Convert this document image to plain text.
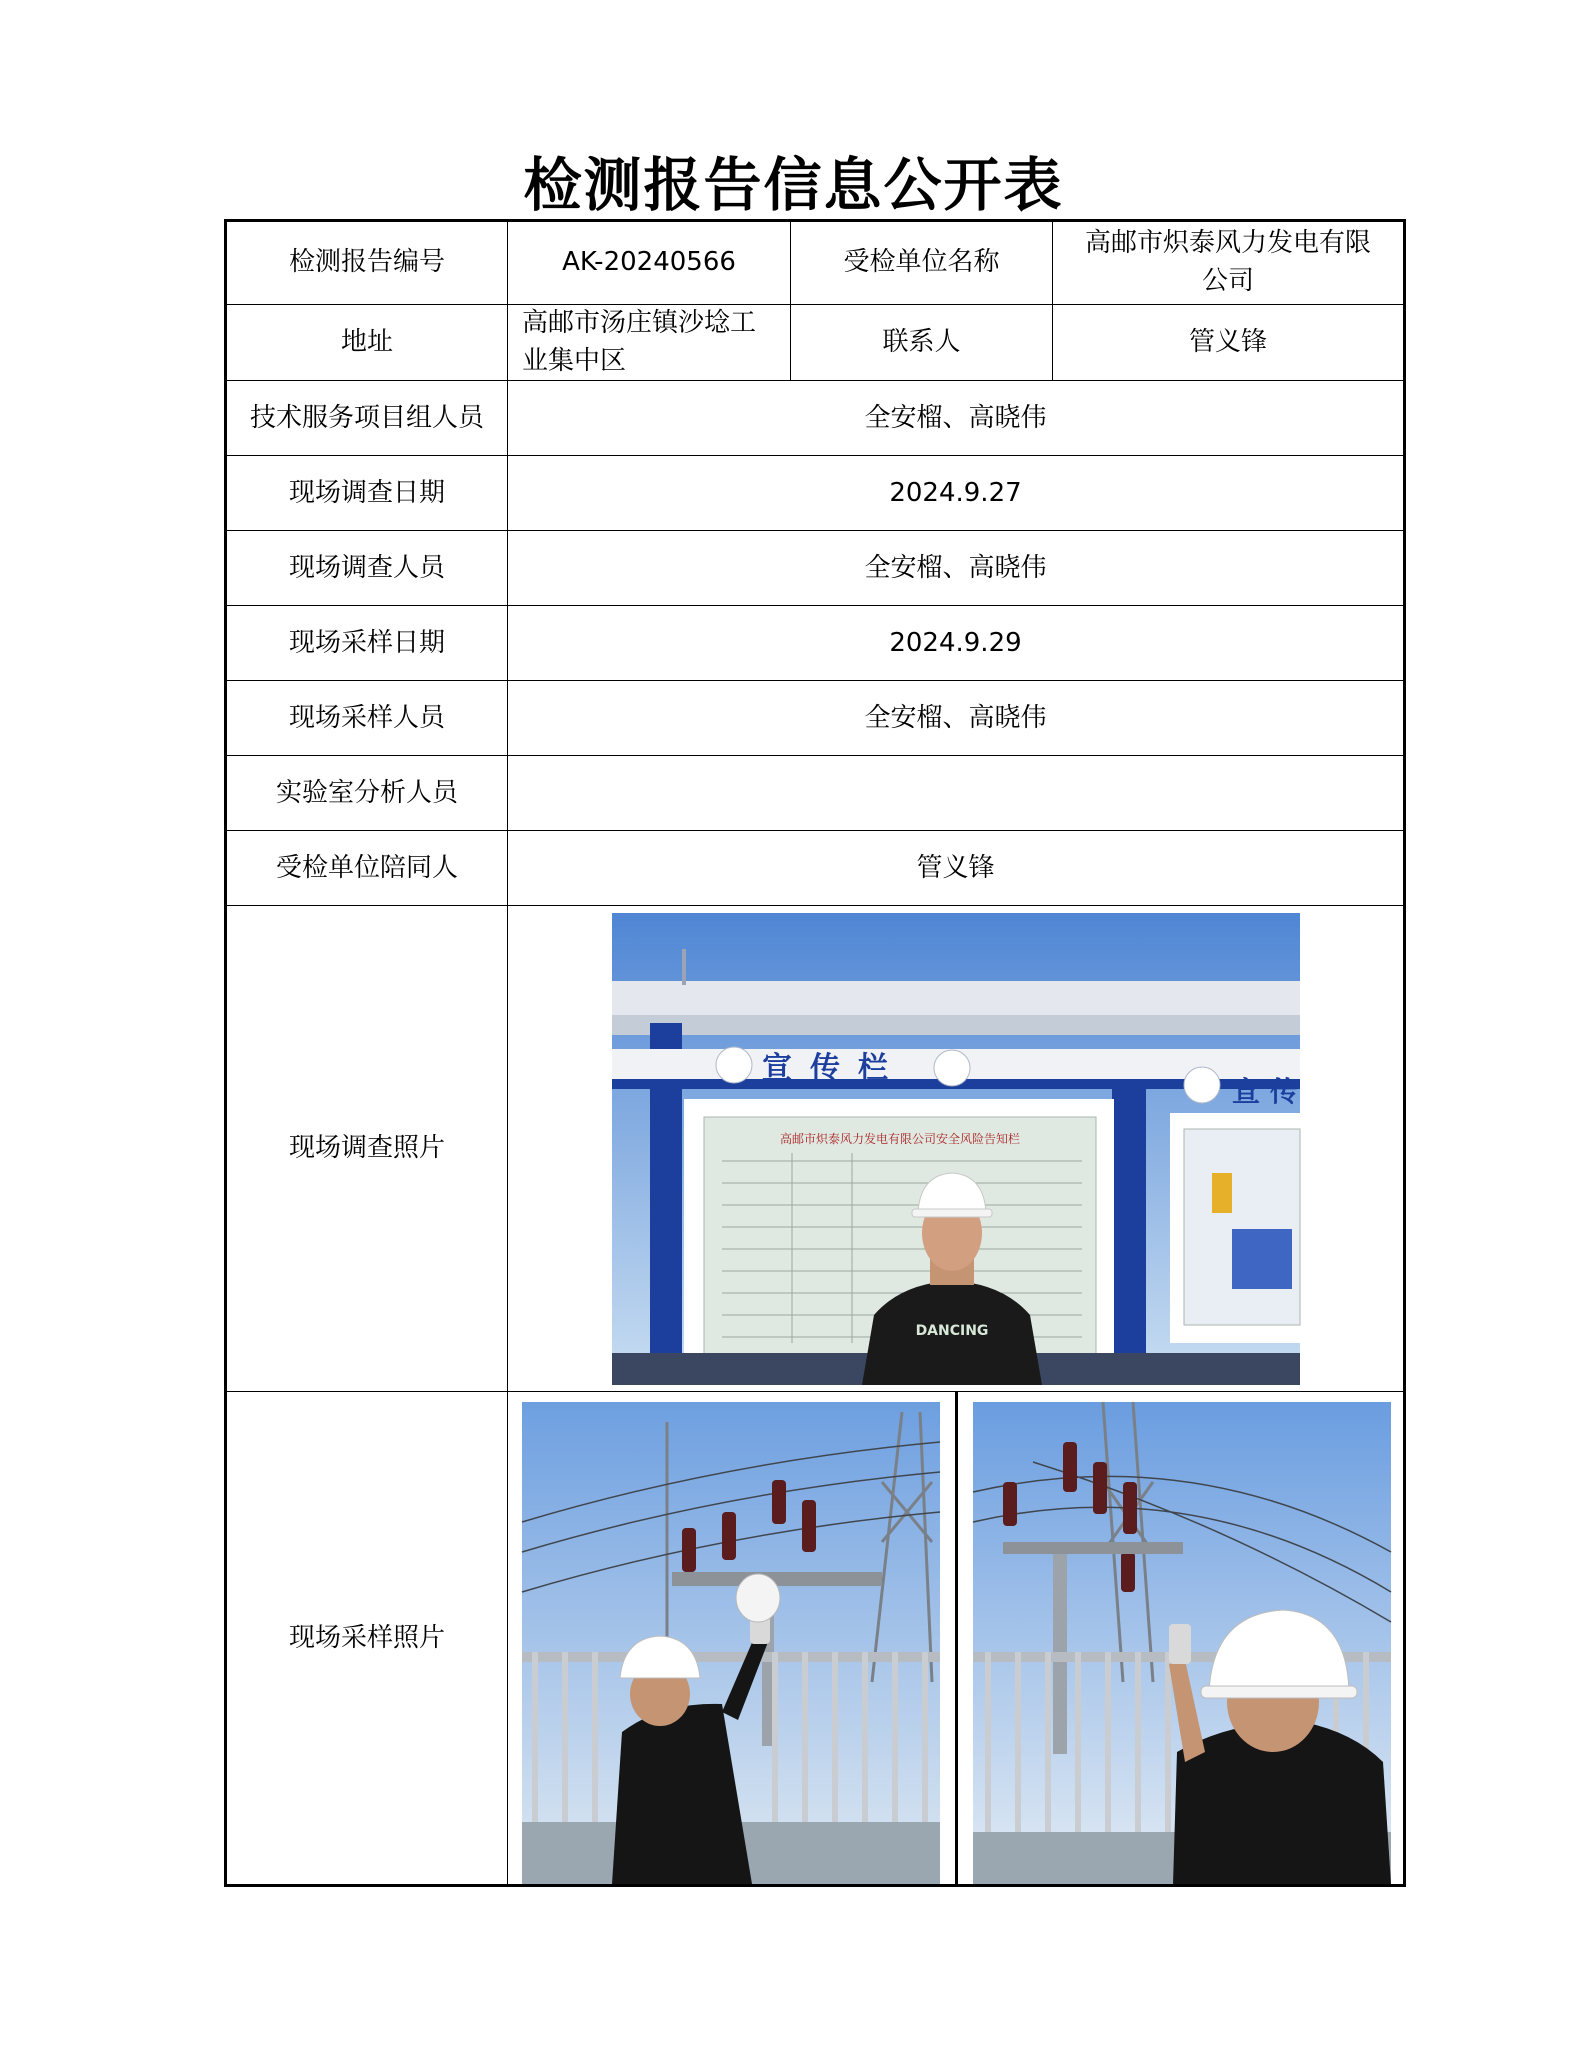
检测报告信息公开表
检测报告编号	AK-20240566	受检单位名称	高邮市炽泰风力发电有限公司
地址	高邮市汤庄镇沙埝工业集中区	联系人	管义锋
技术服务项目组人员	全安榴、高晓伟		
现场调查日期	2024.9.27		
现场调查人员	全安榴、高晓伟		
现场采样日期	2024.9.29		
现场采样人员	全安榴、高晓伟		
实验室分析人员			
受检单位陪同人	管义锋		
现场调查照片	宣传栏
宣传
高邮市炽泰风力发电有限公司安全风险告知栏
DANCING		

现场采样照片	
